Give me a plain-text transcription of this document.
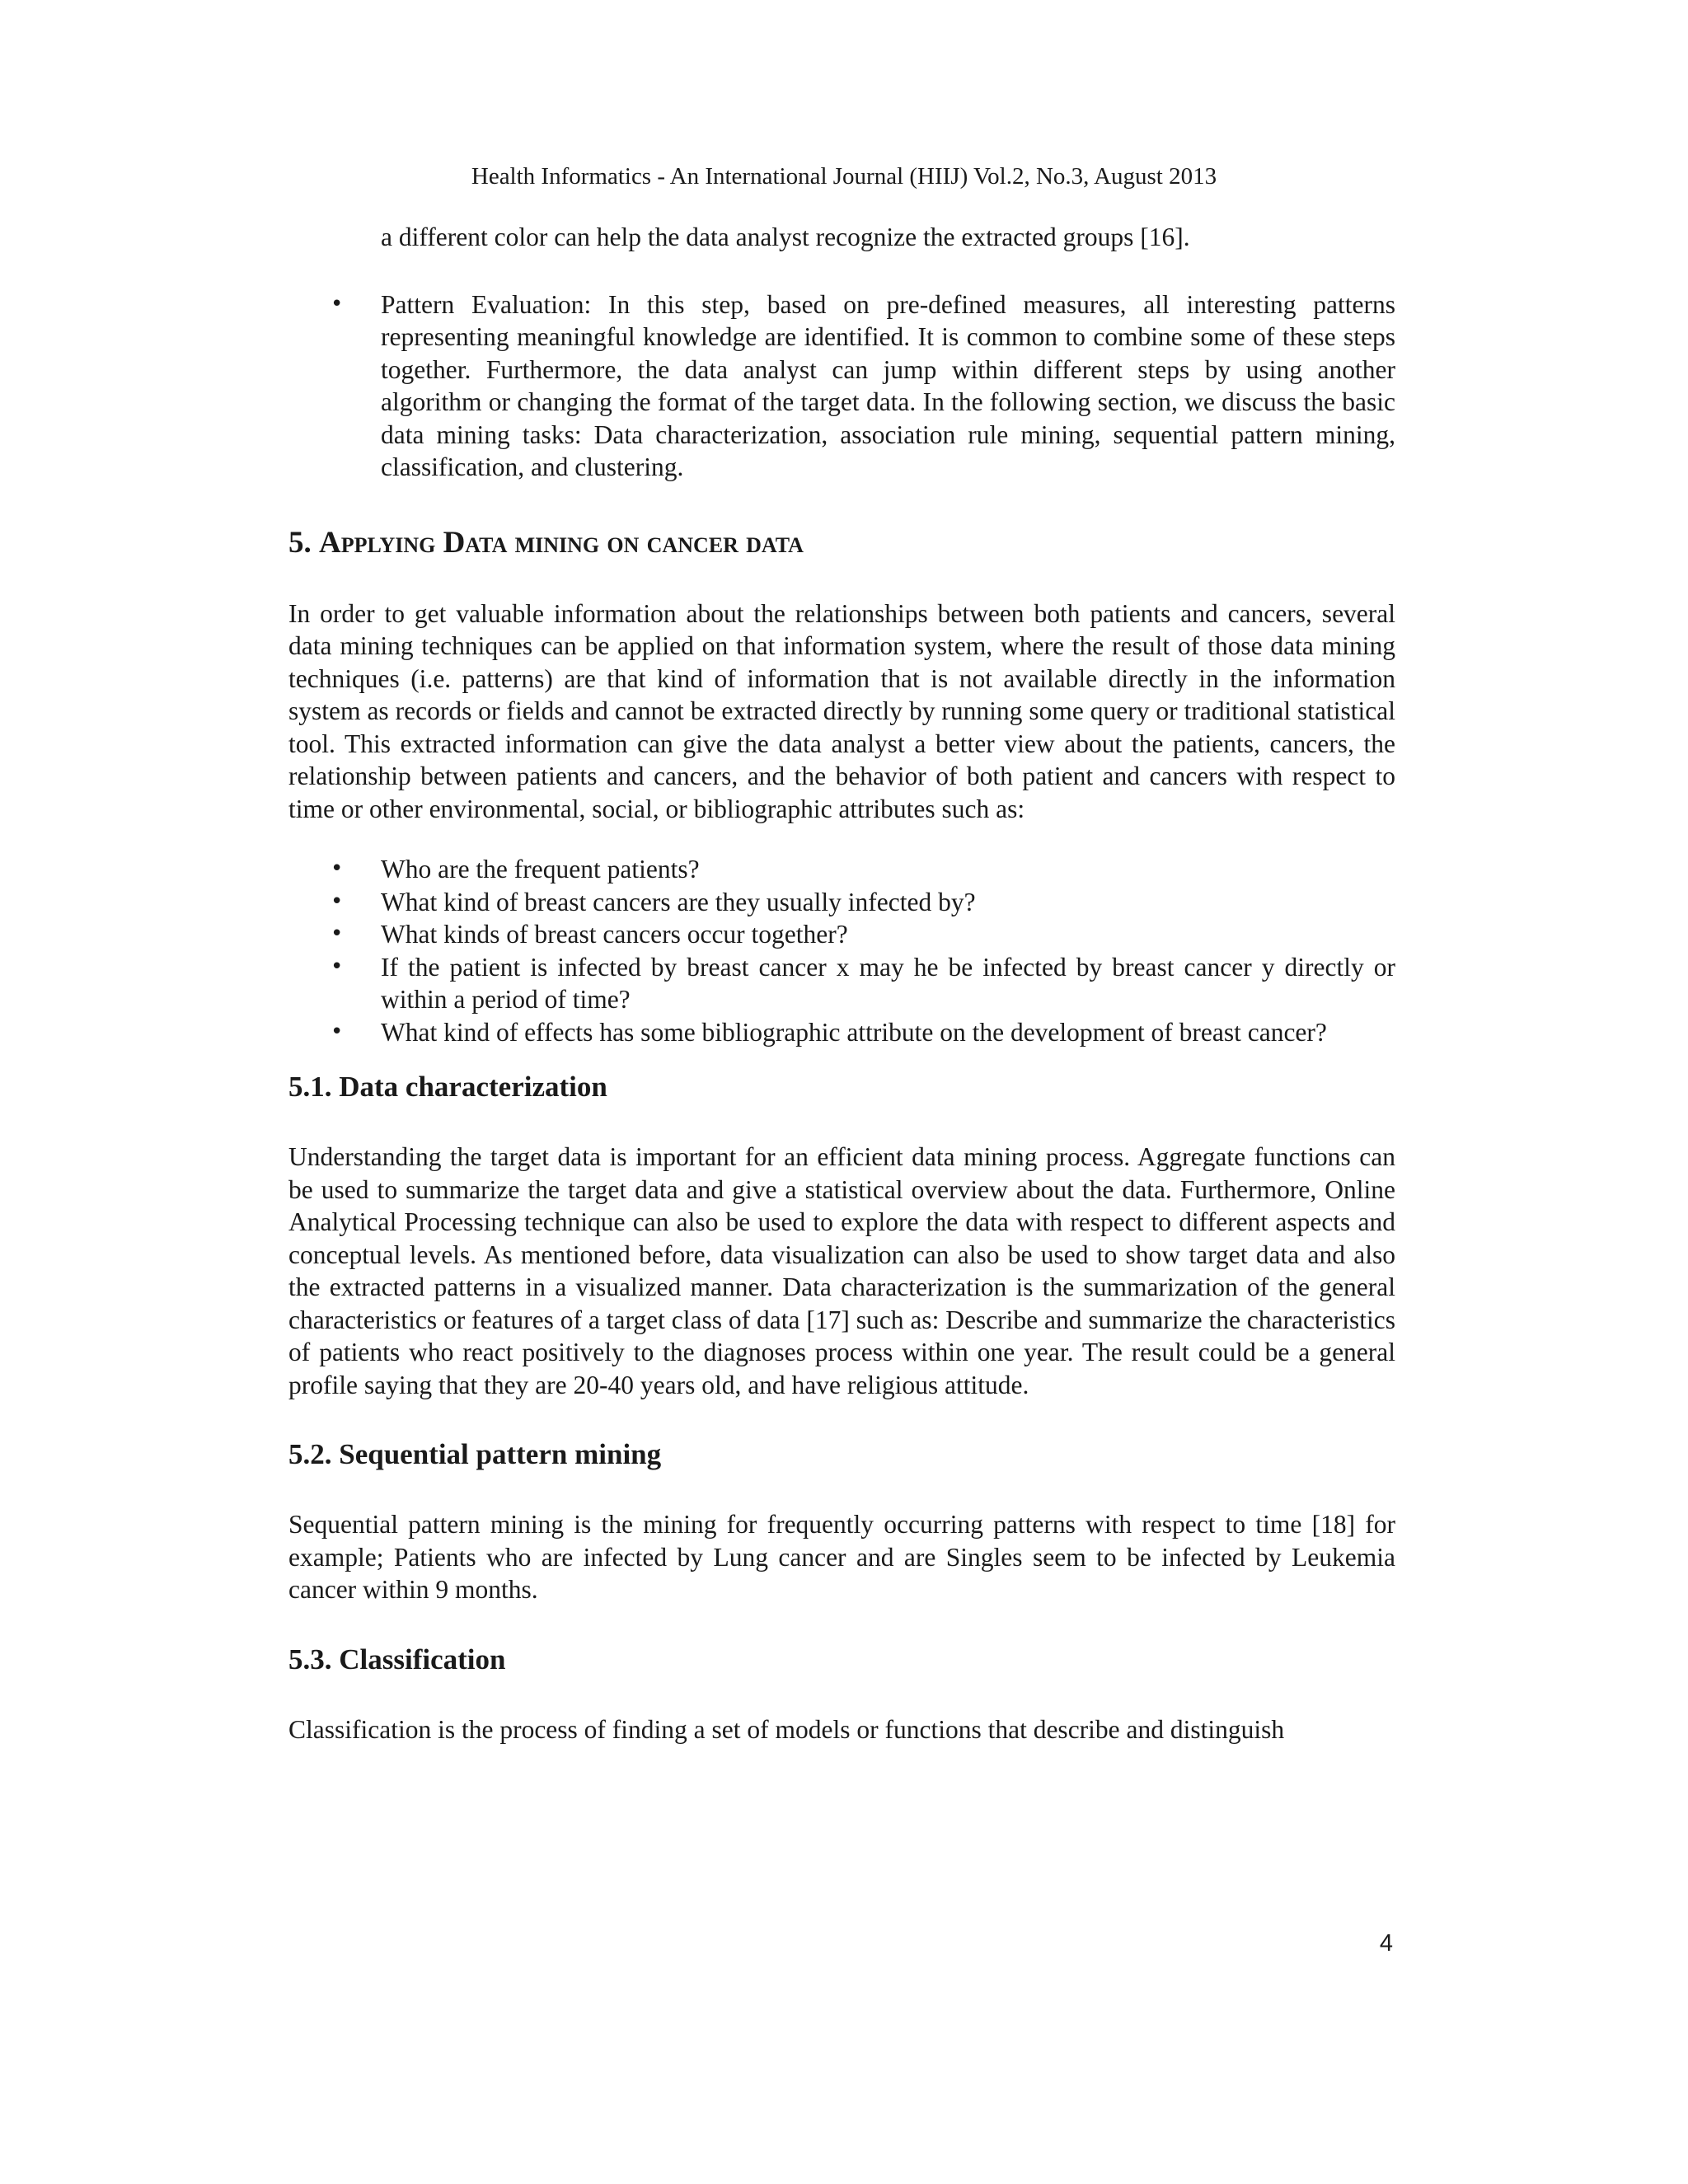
Health Informatics - An International Journal (HIIJ) Vol.2, No.3, August 2013

a different color can help the data analyst recognize the extracted groups [16].

• Pattern Evaluation: In this step, based on pre-defined measures, all interesting patterns representing meaningful knowledge are identified. It is common to combine some of these steps together. Furthermore, the data analyst can jump within different steps by using another algorithm or changing the format of the target data. In the following section, we discuss the basic data mining tasks: Data characterization, association rule mining, sequential pattern mining, classification, and clustering.
5. Applying Data mining on cancer data

In order to get valuable information about the relationships between both patients and cancers, several data mining techniques can be applied on that information system, where the result of those data mining techniques (i.e. patterns) are that kind of information that is not available directly in the information system as records or fields and cannot be extracted directly by running some query or traditional statistical tool. This extracted information can give the data analyst a better view about the patients, cancers, the relationship between patients and cancers, and the behavior of both patient and cancers with respect to time or other environmental, social, or bibliographic attributes such as:

• Who are the frequent patients?
• What kind of breast cancers are they usually infected by?
• What kinds of breast cancers occur together?
• If the patient is infected by breast cancer x may he be infected by breast cancer y directly or within a period of time?
• What kind of effects has some bibliographic attribute on the development of breast cancer?
5.1. Data characterization

Understanding the target data is important for an efficient data mining process. Aggregate functions can be used to summarize the target data and give a statistical overview about the data. Furthermore, Online Analytical Processing technique can also be used to explore the data with respect to different aspects and conceptual levels. As mentioned before, data visualization can also be used to show target data and also the extracted patterns in a visualized manner. Data characterization is the summarization of the general characteristics or features of a target class of data [17] such as: Describe and summarize the characteristics of patients who react positively to the diagnoses process within one year. The result could be a general profile saying that they are 20-40 years old, and have religious attitude.

5.2. Sequential pattern mining

Sequential pattern mining is the mining for frequently occurring patterns with respect to time [18] for example; Patients who are infected by Lung cancer and are Singles seem to be infected by Leukemia cancer within 9 months.

5.3. Classification

Classification is the process of finding a set of models or functions that describe and distinguish

4
